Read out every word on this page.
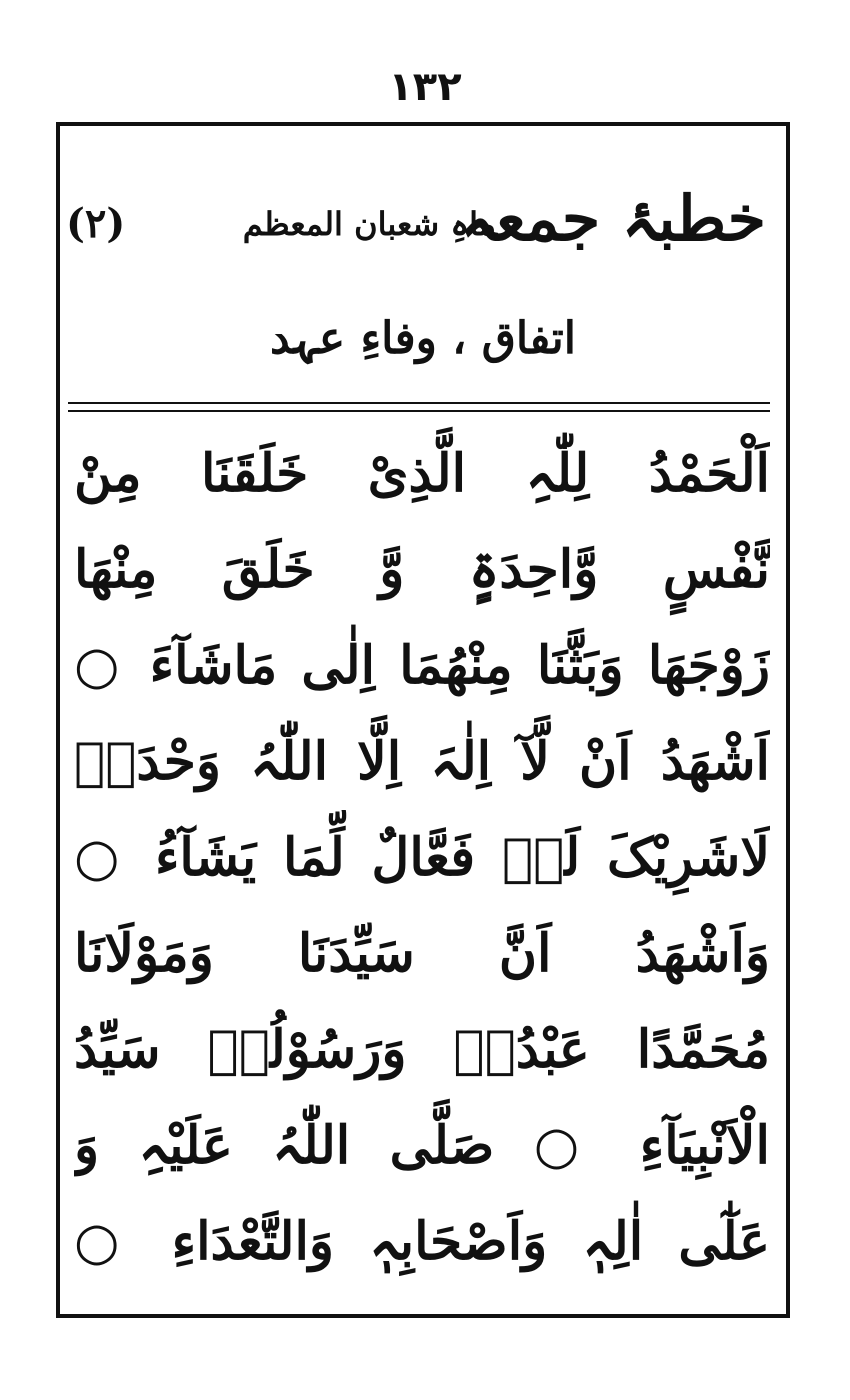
۱۳۲
خطبۂ جمعہ
ماہِ شعبان المعظم
(۲)
اتفاق ، وفاءِ عہد
اَلْحَمْدُ لِلّٰہِ الَّذِیْ خَلَقَنَا مِنْ
نَّفْسٍ وَّاحِدَۃٍ وَّ خَلَقَ مِنْھَا
زَوْجَھَا وَبَثَّنَا مِنْھُمَا اِلٰی مَاشَآءَ ○
اَشْھَدُ اَنْ لَّآ اِلٰہَ اِلَّا اللّٰہُ وَحْدَہٗ
لَاشَرِیْکَ لَہٗ فَعَّالٌ لِّمَا یَشَآءُ ○
وَاَشْھَدُ اَنَّ سَیِّدَنَا وَمَوْلَانَا
مُحَمَّدًا عَبْدُہٗ وَرَسُوْلُہٗ سَیِّدُ
الْاَنْبِیَآءِ ○ صَلَّی اللّٰہُ عَلَیْہِ وَ
عَلٰٓی اٰلِہٖ وَاَصْحَابِہٖ وَالتَّعْدَاءِ ○
